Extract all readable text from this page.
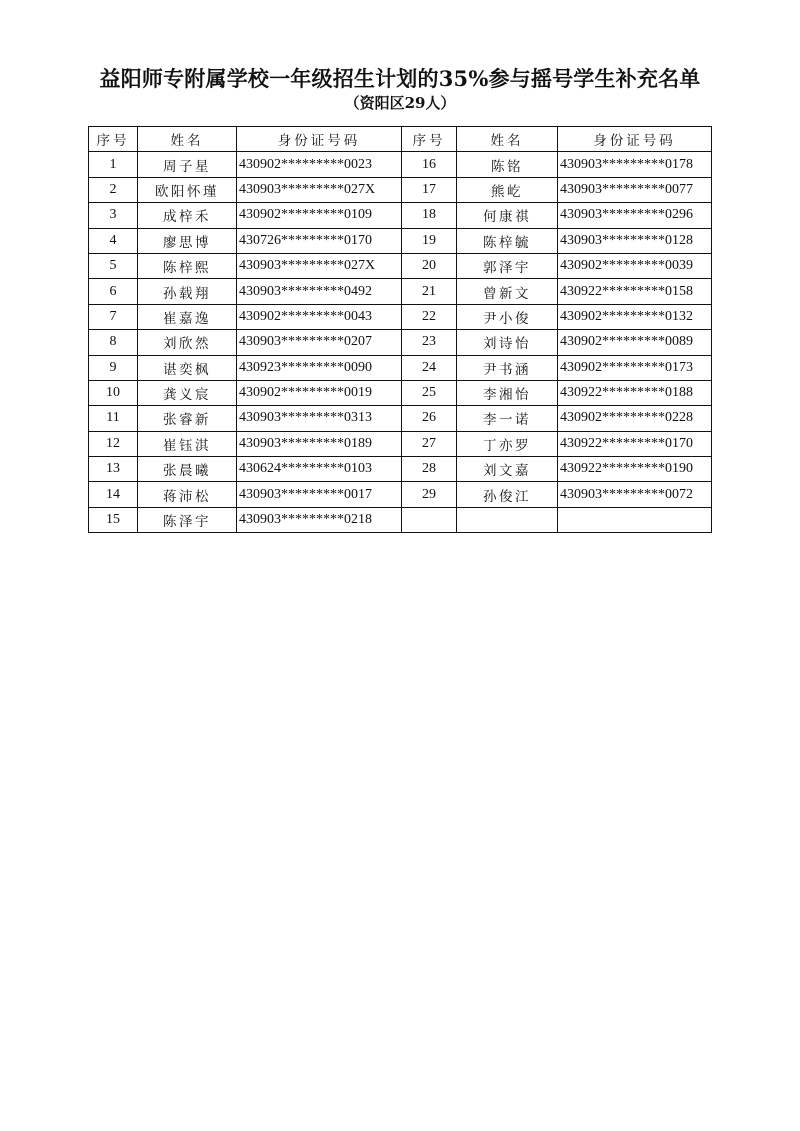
益阳师专附属学校一年级招生计划的35%参与摇号学生补充名单
（资阳区29人）
序号	姓名	身份证号码	序号	姓名	身份证号码
1	周子星	430902*********0023	16	陈铭	430903*********0178
2	欧阳怀瑾	430903*********027X	17	熊屹	430903*********0077
3	成梓禾	430902*********0109	18	何康祺	430903*********0296
4	廖思博	430726*********0170	19	陈梓毓	430903*********0128
5	陈梓熙	430903*********027X	20	郭泽宇	430902*********0039
6	孙载翔	430903*********0492	21	曾新文	430922*********0158
7	崔嘉逸	430902*********0043	22	尹小俊	430902*********0132
8	刘欣然	430903*********0207	23	刘诗怡	430902*********0089
9	谌奕枫	430923*********0090	24	尹书涵	430902*********0173
10	龚义宸	430902*********0019	25	李湘怡	430922*********0188
11	张睿新	430903*********0313	26	李一诺	430902*********0228
12	崔钰淇	430903*********0189	27	丁亦罗	430922*********0170
13	张晨曦	430624*********0103	28	刘文嘉	430922*********0190
14	蒋沛松	430903*********0017	29	孙俊江	430903*********0072
15	陈泽宇	430903*********0218			
